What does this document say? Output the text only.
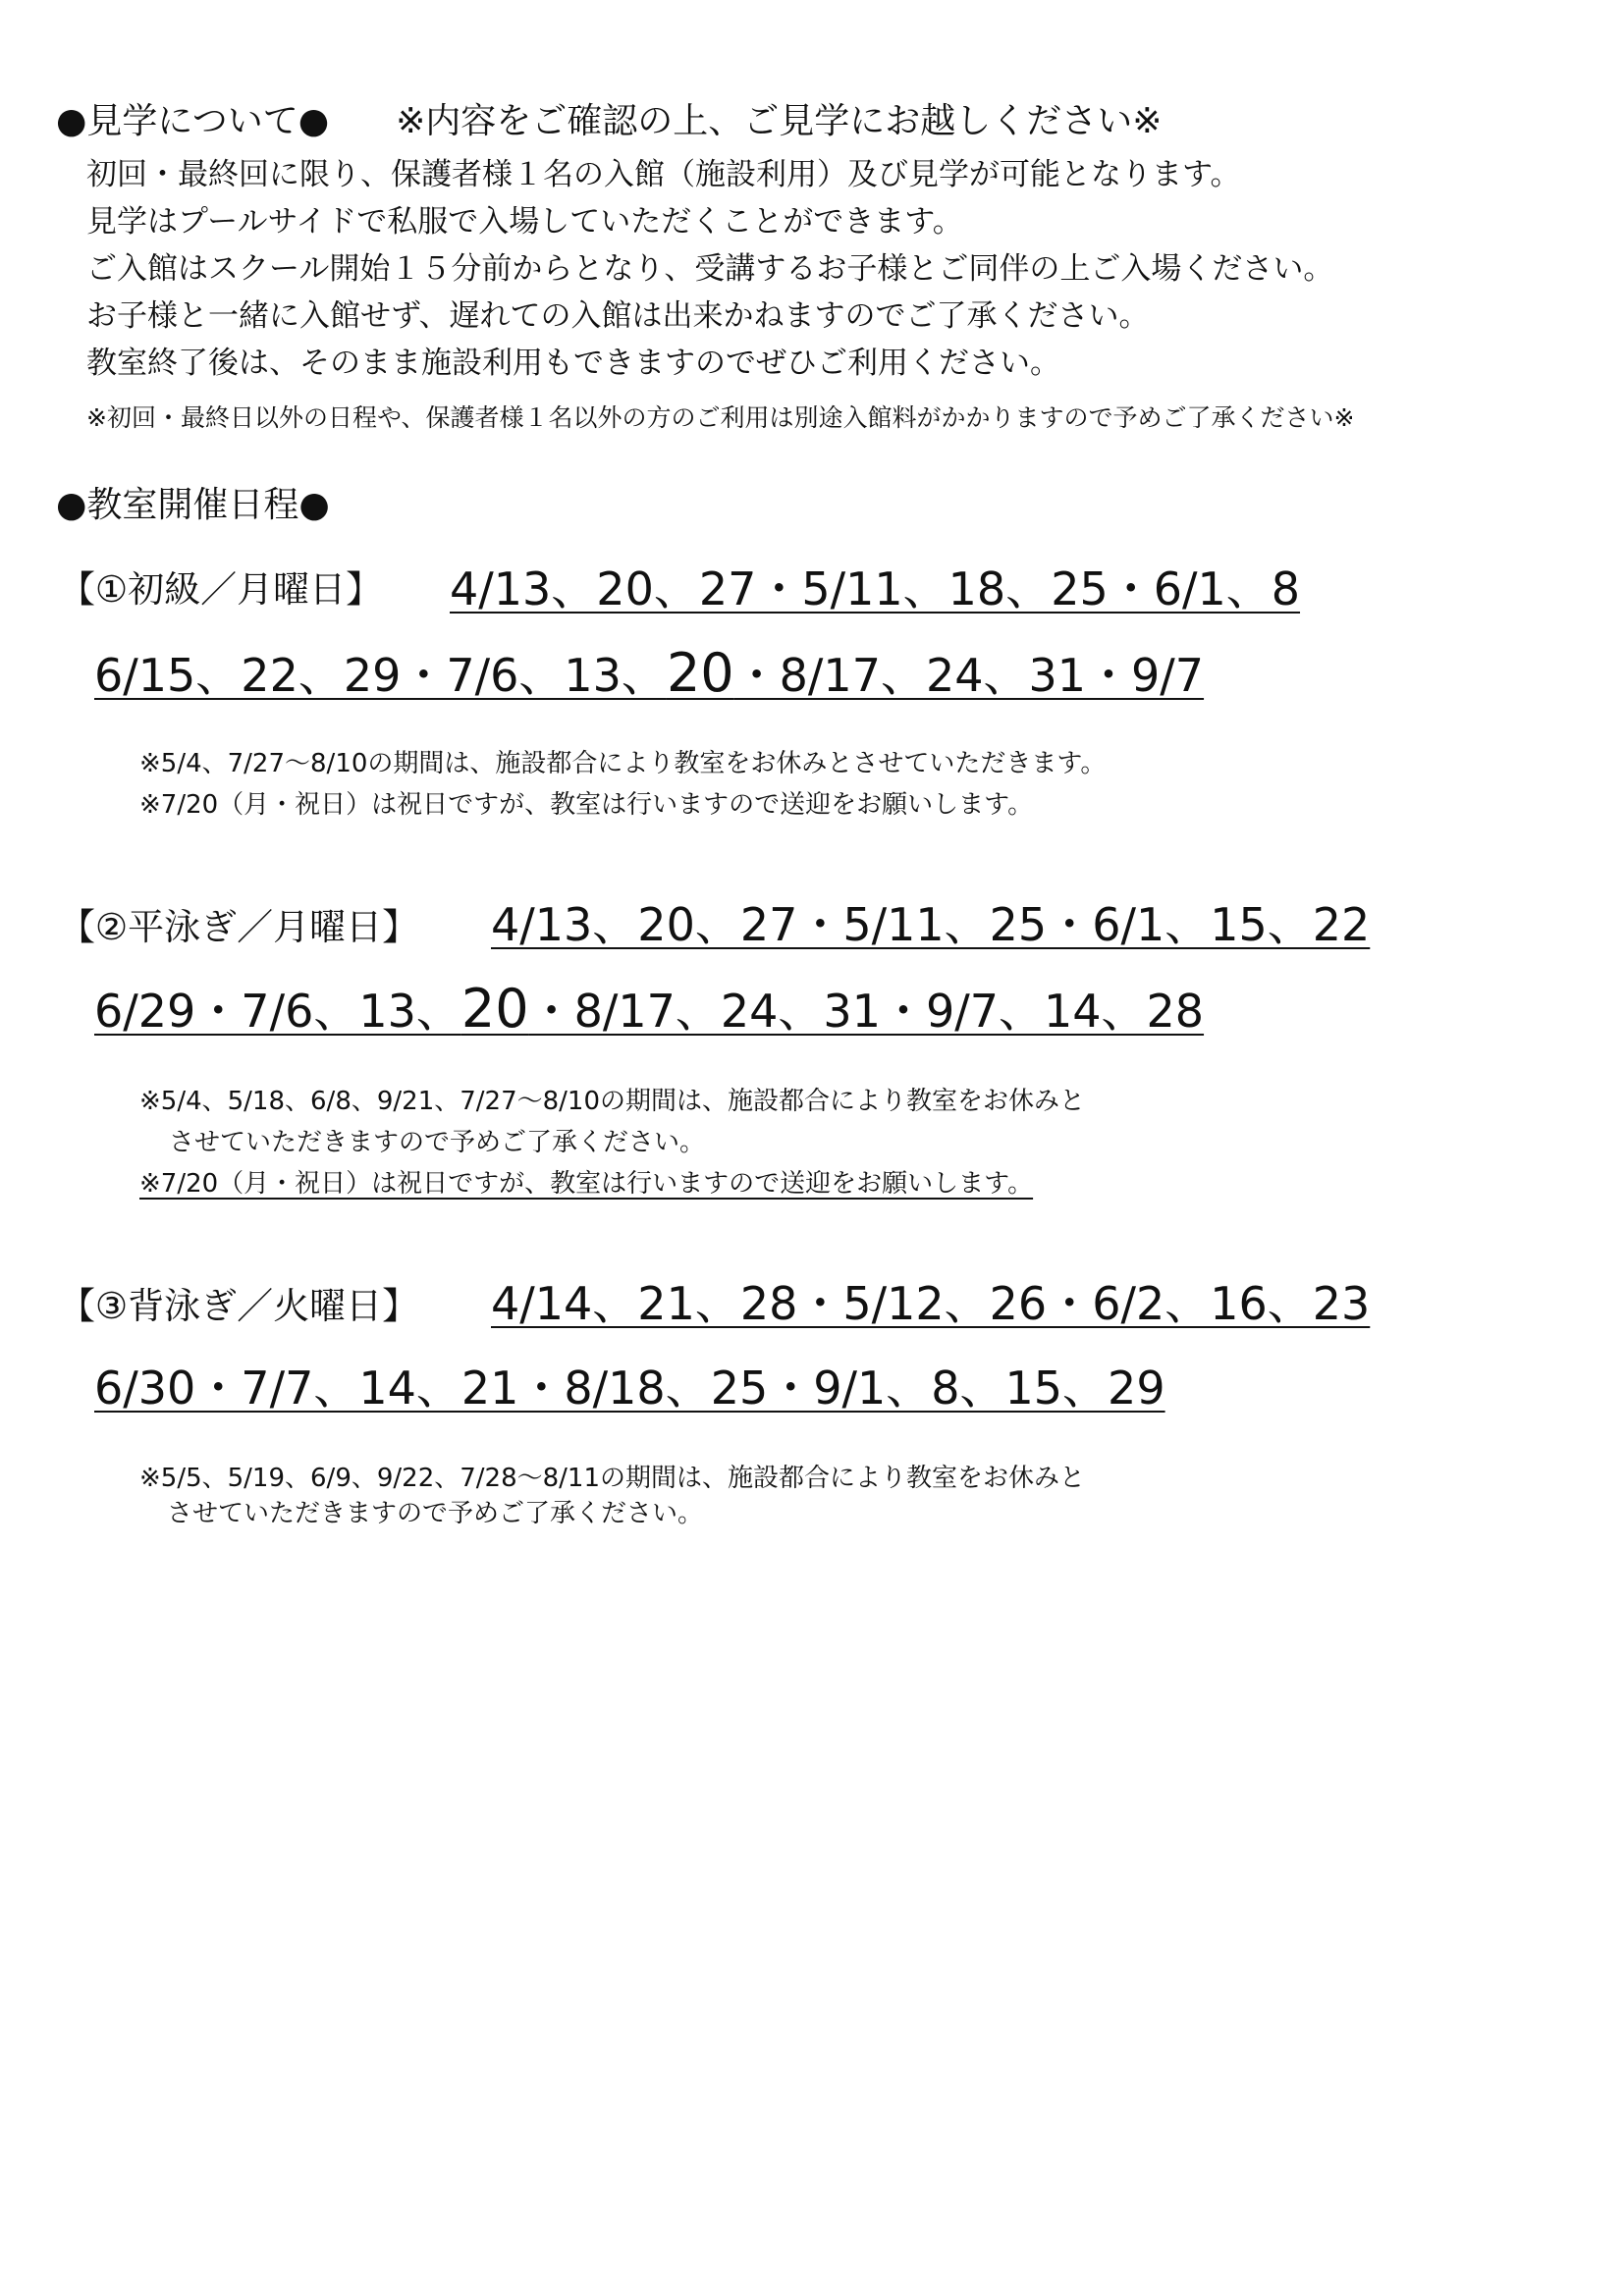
●見学について● ※内容をご確認の上、ご見学にお越しください※
初回・最終回に限り、保護者様１名の入館（施設利用）及び見学が可能となります。
見学はプールサイドで私服で入場していただくことができます。
ご入館はスクール開始１５分前からとなり、受講するお子様とご同伴の上ご入場ください。
お子様と一緒に入館せず、遅れての入館は出来かねますのでご了承ください。
教室終了後は、そのまま施設利用もできますのでぜひご利用ください。
※初回・最終日以外の日程や、保護者様１名以外の方のご利用は別途入館料がかかりますので予めご了承ください※
●教室開催日程●
【①初級／月曜日】 4/13、20、27・5/11、18、25・6/1、8
6/15、22、29・7/6、13、20・8/17、24、31・9/7
※5/4、7/27～8/10の期間は、施設都合により教室をお休みとさせていただきます。
※7/20（月・祝日）は祝日ですが、教室は行いますので送迎をお願いします。
【②平泳ぎ／月曜日】 4/13、20、27・5/11、25・6/1、15、22
6/29・7/6、13、20・8/17、24、31・9/7、14、28
※5/4、5/18、6/8、9/21、7/27～8/10の期間は、施設都合により教室をお休みと
させていただきますので予めご了承ください。
※7/20（月・祝日）は祝日ですが、教室は行いますので送迎をお願いします。
【③背泳ぎ／火曜日】 4/14、21、28・5/12、26・6/2、16、23
6/30・7/7、14、21・8/18、25・9/1、8、15、29
※5/5、5/19、6/9、9/22、7/28～8/11の期間は、施設都合により教室をお休みと
させていただきますので予めご了承ください。
